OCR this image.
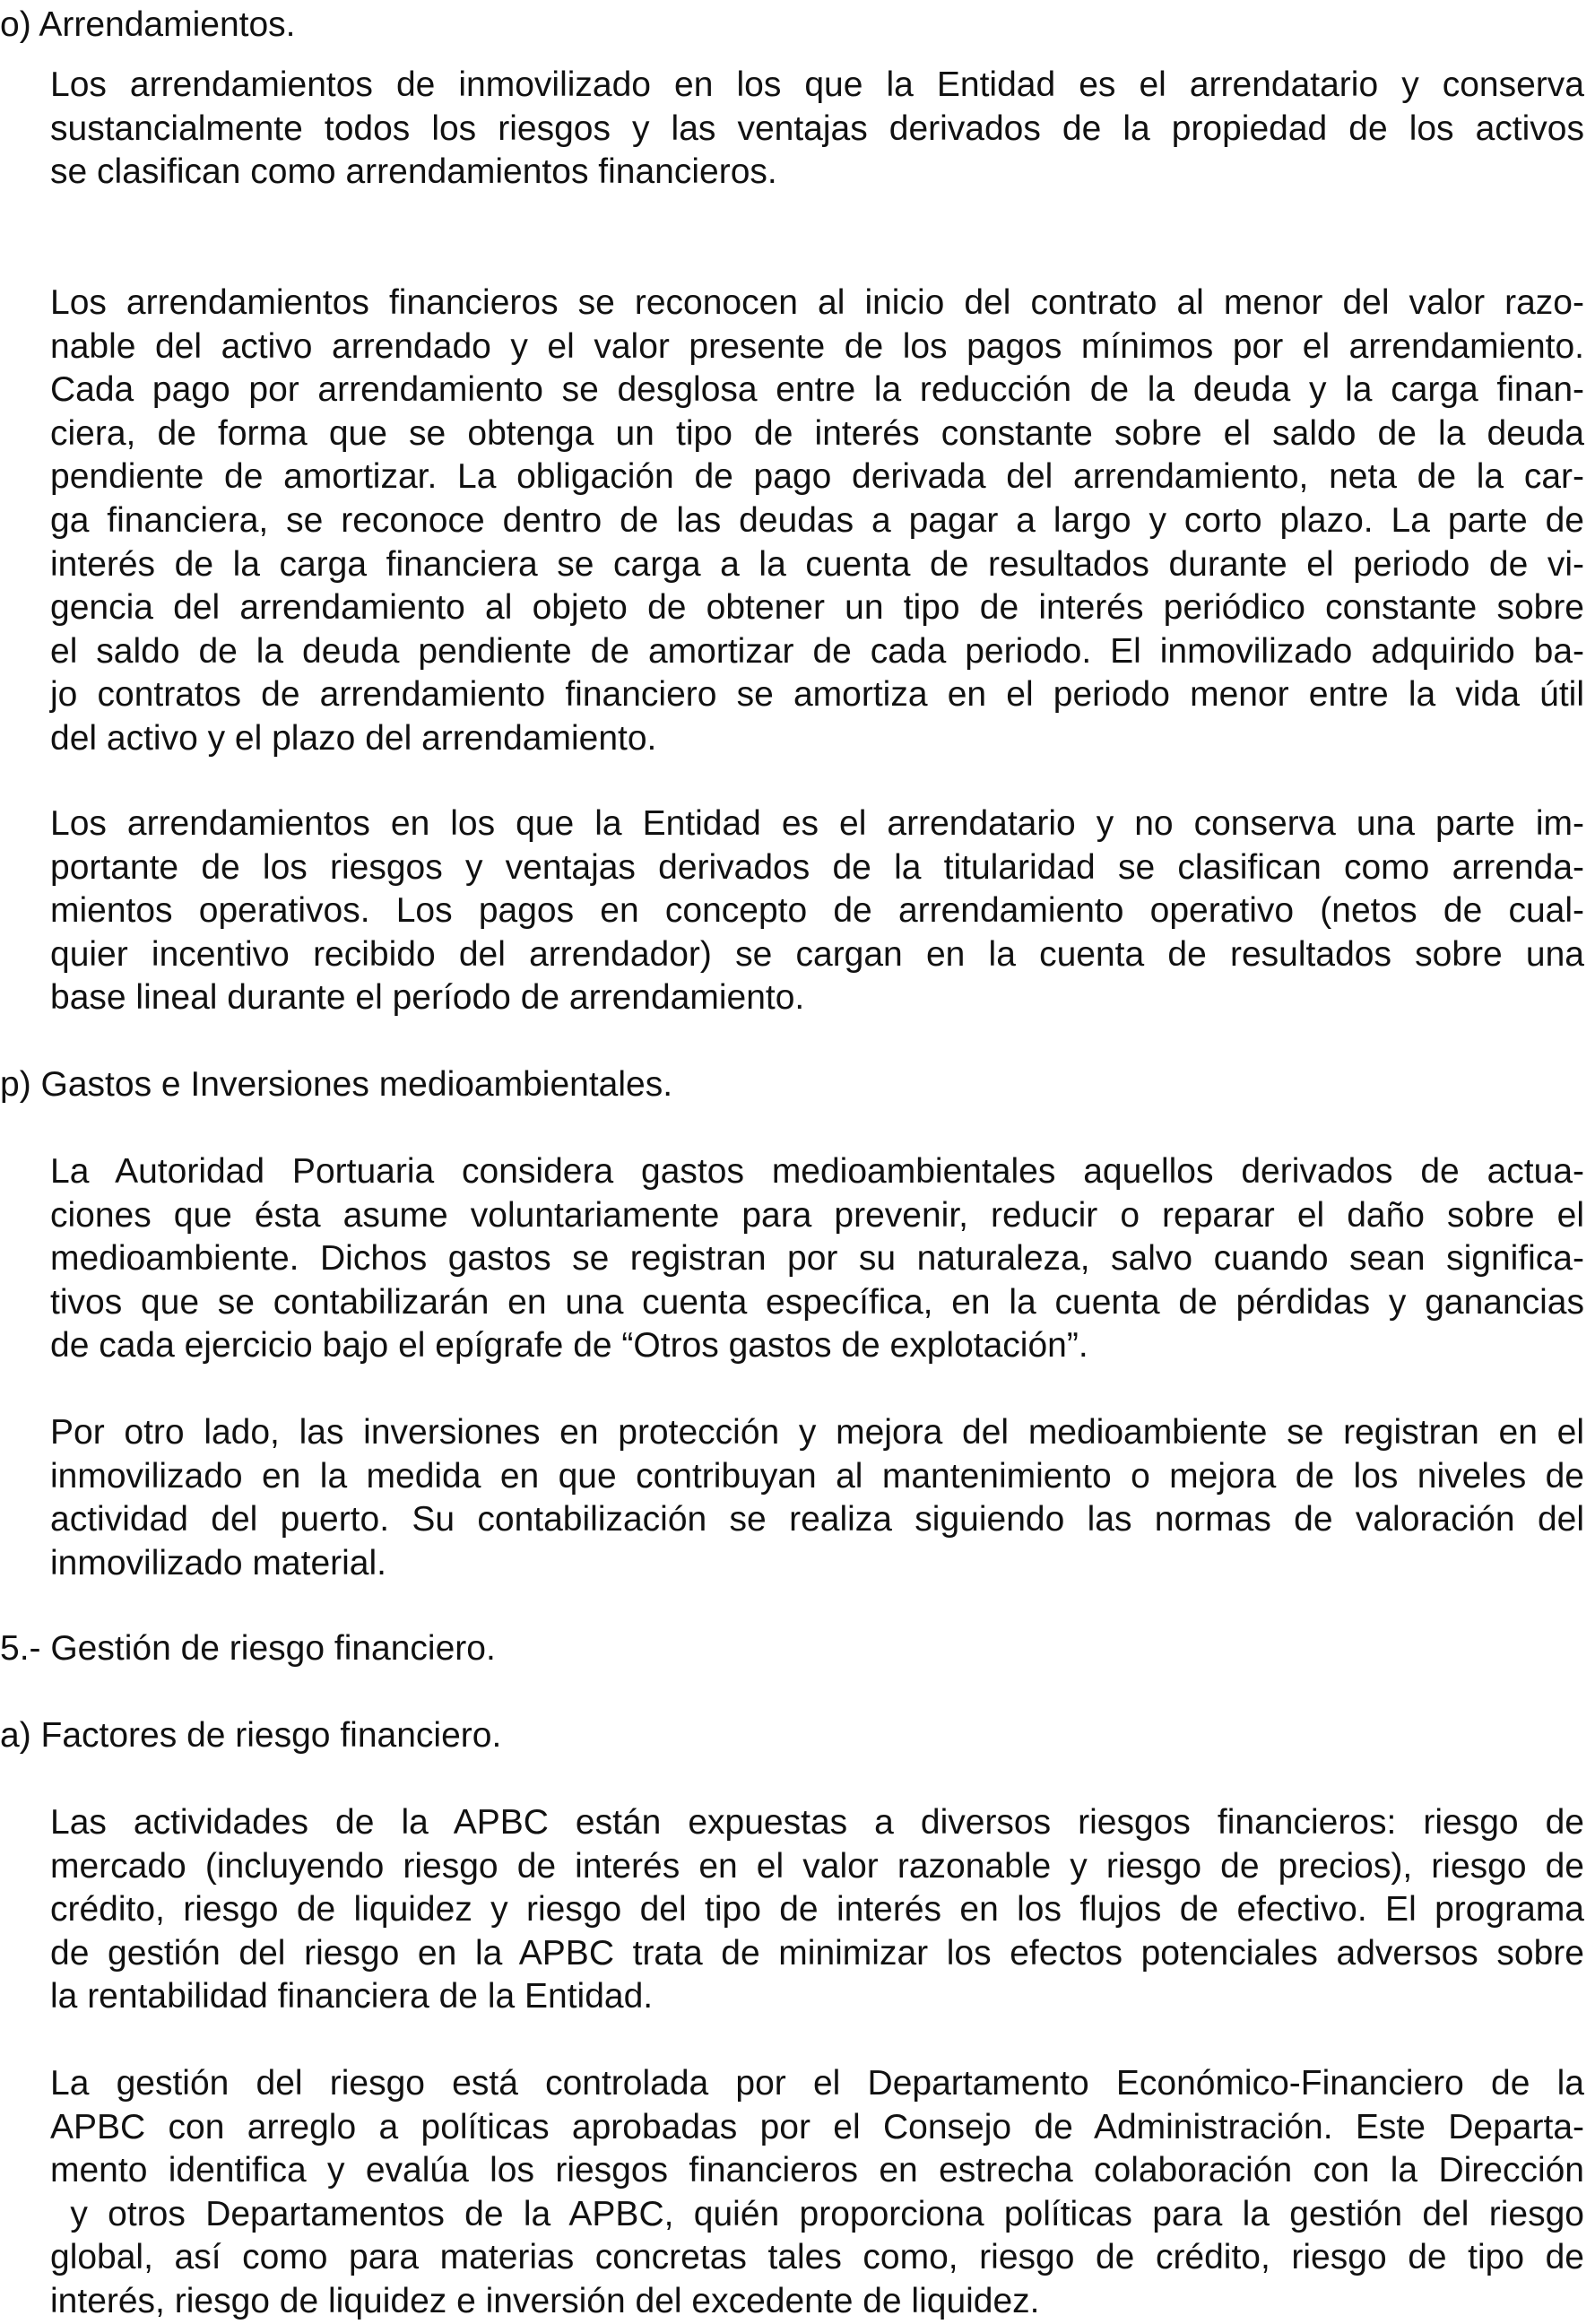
o) Arrendamientos.
Los arrendamientos de inmovilizado en los que la Entidad es el arrendatario y conserva
sustancialmente todos los riesgos y las ventajas derivados de la propiedad de los activos
se clasifican como arrendamientos financieros.
Los arrendamientos financieros se reconocen al inicio del contrato al menor del valor razo-
nable del activo arrendado y el valor presente de los pagos mínimos por el arrendamiento.
Cada pago por arrendamiento se desglosa entre la reducción de la deuda y la carga finan-
ciera, de forma que se obtenga un tipo de interés constante sobre el saldo de la deuda
pendiente de amortizar. La obligación de pago derivada del arrendamiento, neta de la car-
ga financiera, se reconoce dentro de las deudas a pagar a largo y corto plazo. La parte de
interés de la carga financiera se carga a la cuenta de resultados durante el periodo de vi-
gencia del arrendamiento al objeto de obtener un tipo de interés periódico constante sobre
el saldo de la deuda pendiente de amortizar de cada periodo. El inmovilizado adquirido ba-
jo contratos de arrendamiento financiero se amortiza en el periodo menor entre la vida útil
del activo y el plazo del arrendamiento.
Los arrendamientos en los que la Entidad es el arrendatario y no conserva una parte im-
portante de los riesgos y ventajas derivados de la titularidad se clasifican como arrenda-
mientos operativos. Los pagos en concepto de arrendamiento operativo (netos de cual-
quier incentivo recibido del arrendador) se cargan en la cuenta de resultados sobre una
base lineal durante el período de arrendamiento.
p) Gastos e Inversiones medioambientales.
La Autoridad Portuaria considera gastos medioambientales aquellos derivados de actua-
ciones que ésta asume voluntariamente para prevenir, reducir o reparar el daño sobre el
medioambiente. Dichos gastos se registran por su naturaleza, salvo cuando sean significa-
tivos que se contabilizarán en una cuenta específica, en la cuenta de pérdidas y ganancias
de cada ejercicio bajo el epígrafe de “Otros gastos de explotación”.
Por otro lado, las inversiones en protección y mejora del medioambiente se registran en el
inmovilizado en la medida en que contribuyan al mantenimiento o mejora de los niveles de
actividad del puerto. Su contabilización se realiza siguiendo las normas de valoración del
inmovilizado material.
5.- Gestión de riesgo financiero.
a) Factores de riesgo financiero.
Las actividades de la APBC están expuestas a diversos riesgos financieros: riesgo de
mercado (incluyendo riesgo de interés en el valor razonable y riesgo de precios), riesgo de
crédito, riesgo de liquidez y riesgo del tipo de interés en los flujos de efectivo. El programa
de gestión del riesgo en la APBC trata de minimizar los efectos potenciales adversos sobre
la rentabilidad financiera de la Entidad.
La gestión del riesgo está controlada por el Departamento Económico-Financiero de la
APBC con arreglo a políticas aprobadas por el Consejo de Administración. Este Departa-
mento identifica y evalúa los riesgos financieros en estrecha colaboración con la Dirección
y otros Departamentos de la APBC, quién proporciona políticas para la gestión del riesgo
global, así como para materias concretas tales como, riesgo de crédito, riesgo de tipo de
interés, riesgo de liquidez e inversión del excedente de liquidez.
